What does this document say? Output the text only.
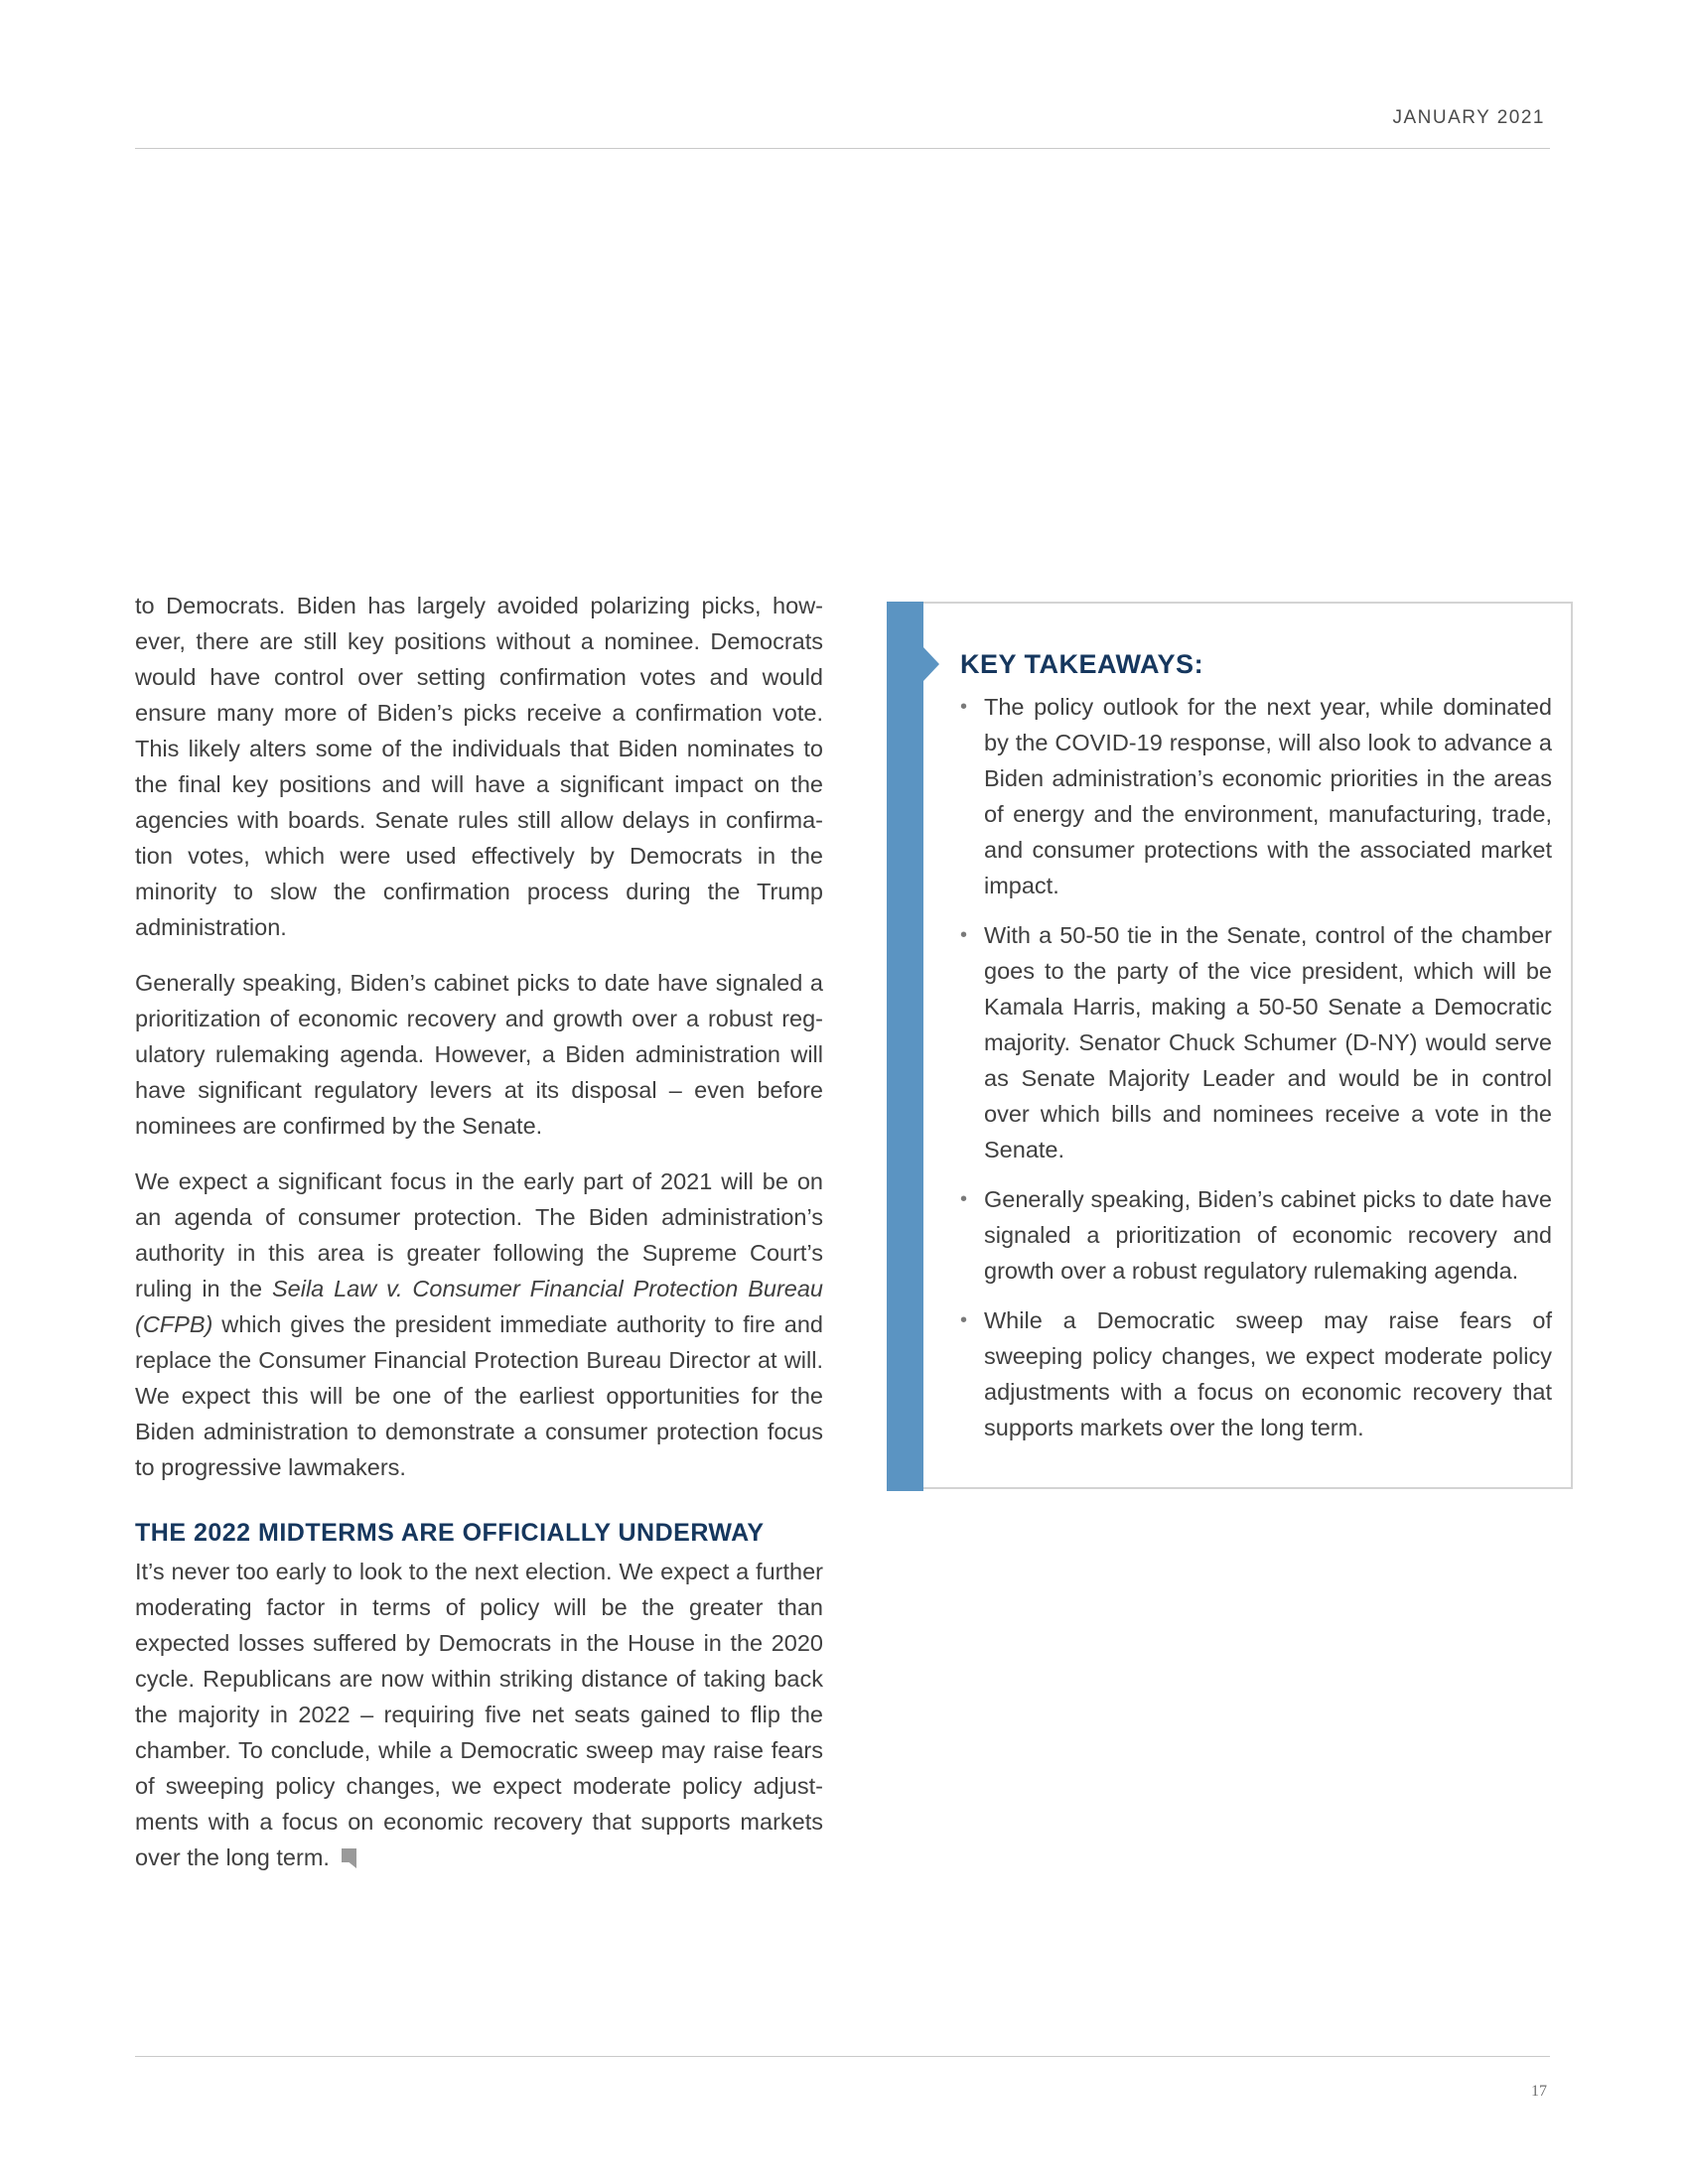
JANUARY 2021

to Democrats. Biden has largely avoided polarizing picks, however, there are still key positions without a nominee. Democrats would have control over setting confirmation votes and would ensure many more of Biden’s picks receive a confirmation vote. This likely alters some of the individuals that Biden nominates to the final key positions and will have a significant impact on the agencies with boards. Senate rules still allow delays in confirmation votes, which were used effectively by Democrats in the minority to slow the confirmation process during the Trump administration.

Generally speaking, Biden’s cabinet picks to date have signaled a prioritization of economic recovery and growth over a robust regulatory rulemaking agenda. However, a Biden administration will have significant regulatory levers at its disposal – even before nominees are confirmed by the Senate.

We expect a significant focus in the early part of 2021 will be on an agenda of consumer protection. The Biden administration’s authority in this area is greater following the Supreme Court’s ruling in the Seila Law v. Consumer Financial Protection Bureau (CFPB) which gives the president immediate authority to fire and replace the Consumer Financial Protection Bureau Director at will. We expect this will be one of the earliest opportunities for the Biden administration to demonstrate a consumer protection focus to progressive lawmakers.

THE 2022 MIDTERMS ARE OFFICIALLY UNDERWAY

It’s never too early to look to the next election. We expect a further moderating factor in terms of policy will be the greater than expected losses suffered by Democrats in the House in the 2020 cycle. Republicans are now within striking distance of taking back the majority in 2022 – requiring five net seats gained to flip the chamber. To conclude, while a Democratic sweep may raise fears of sweeping policy changes, we expect moderate policy adjustments with a focus on economic recovery that supports markets over the long term.

KEY TAKEAWAYS:
• The policy outlook for the next year, while dominated by the COVID-19 response, will also look to advance a Biden administration’s economic priorities in the areas of energy and the environment, manufacturing, trade, and consumer protections with the associated market impact.
• With a 50-50 tie in the Senate, control of the chamber goes to the party of the vice president, which will be Kamala Harris, making a 50-50 Senate a Democratic majority. Senator Chuck Schumer (D-NY) would serve as Senate Majority Leader and would be in control over which bills and nominees receive a vote in the Senate.
• Generally speaking, Biden’s cabinet picks to date have signaled a prioritization of economic recovery and growth over a robust regulatory rulemaking agenda.
• While a Democratic sweep may raise fears of sweeping policy changes, we expect moderate policy adjustments with a focus on economic recovery that supports markets over the long term.
17
